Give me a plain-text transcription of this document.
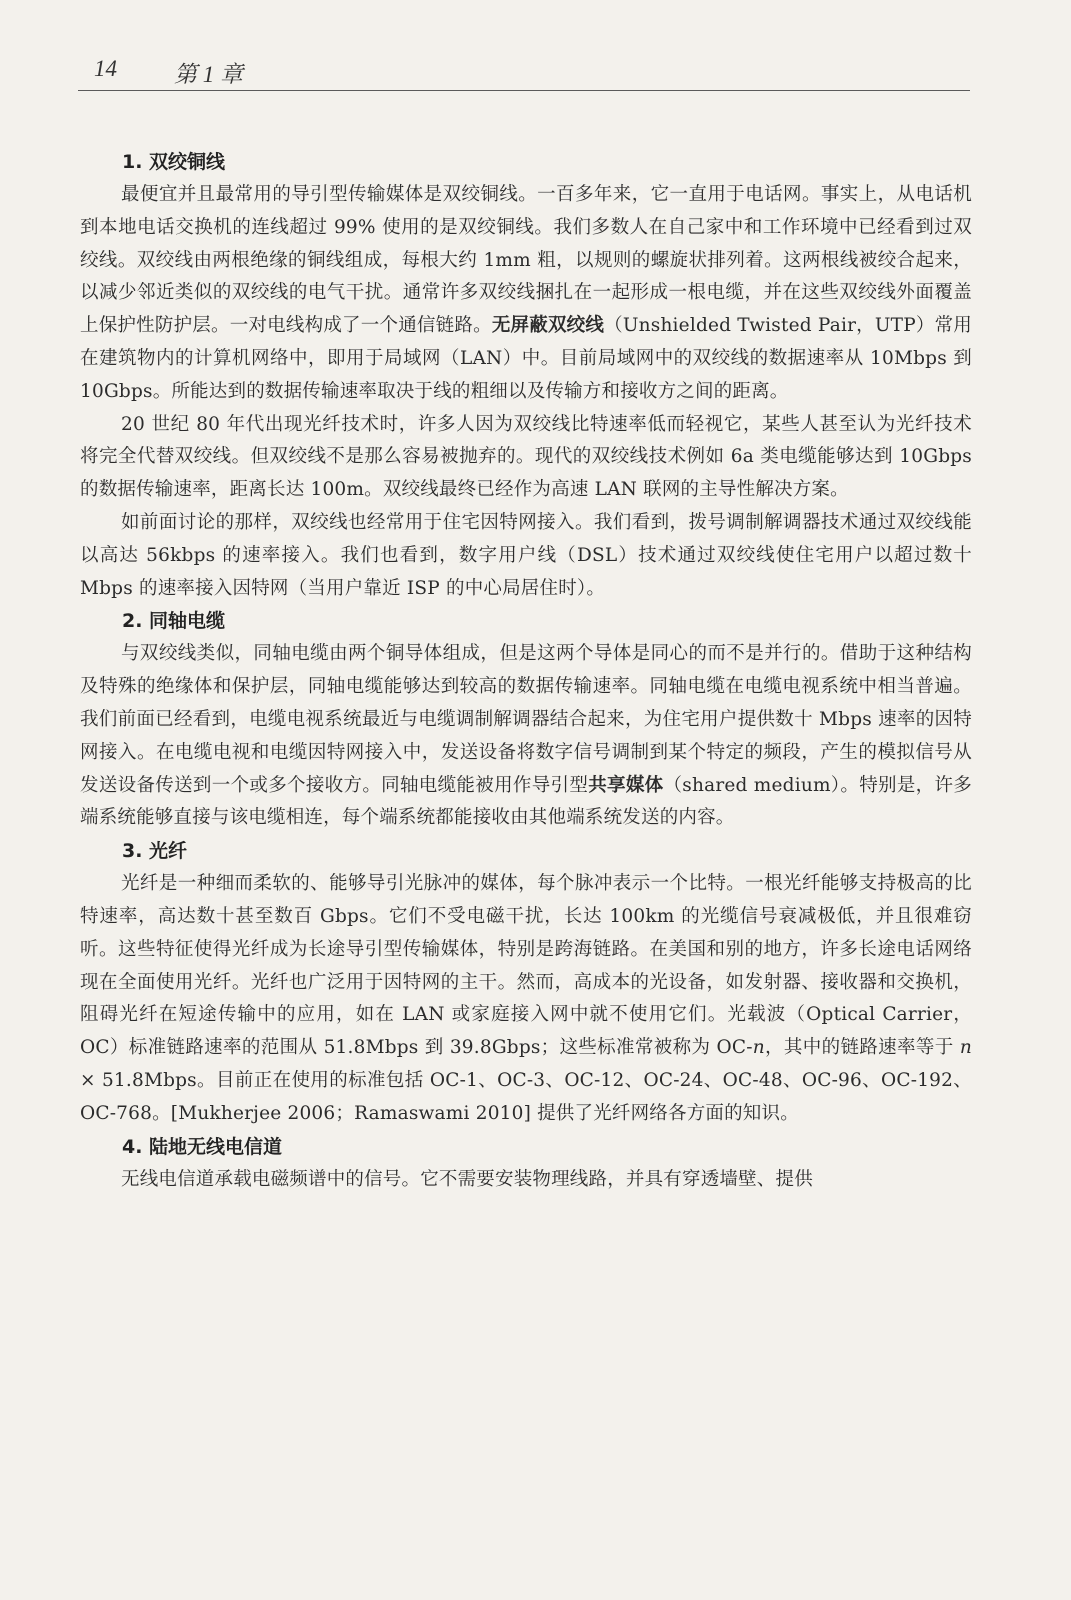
14 第 1 章
1. 双绞铜线

最便宜并且最常用的导引型传输媒体是双绞铜线。一百多年来，它一直用于电话网。事实上，从电话机到本地电话交换机的连线超过 99% 使用的是双绞铜线。我们多数人在自己家中和工作环境中已经看到过双绞线。双绞线由两根绝缘的铜线组成，每根大约 1mm 粗，以规则的螺旋状排列着。这两根线被绞合起来，以减少邻近类似的双绞线的电气干扰。通常许多双绞线捆扎在一起形成一根电缆，并在这些双绞线外面覆盖上保护性防护层。一对电线构成了一个通信链路。无屏蔽双绞线（Unshielded Twisted Pair，UTP）常用在建筑物内的计算机网络中，即用于局域网（LAN）中。目前局域网中的双绞线的数据速率从 10Mbps 到 10Gbps。所能达到的数据传输速率取决于线的粗细以及传输方和接收方之间的距离。

20 世纪 80 年代出现光纤技术时，许多人因为双绞线比特速率低而轻视它，某些人甚至认为光纤技术将完全代替双绞线。但双绞线不是那么容易被抛弃的。现代的双绞线技术例如 6a 类电缆能够达到 10Gbps 的数据传输速率，距离长达 100m。双绞线最终已经作为高速 LAN 联网的主导性解决方案。

如前面讨论的那样，双绞线也经常用于住宅因特网接入。我们看到，拨号调制解调器技术通过双绞线能以高达 56kbps 的速率接入。我们也看到，数字用户线（DSL）技术通过双绞线使住宅用户以超过数十 Mbps 的速率接入因特网（当用户靠近 ISP 的中心局居住时）。

2. 同轴电缆

与双绞线类似，同轴电缆由两个铜导体组成，但是这两个导体是同心的而不是并行的。借助于这种结构及特殊的绝缘体和保护层，同轴电缆能够达到较高的数据传输速率。同轴电缆在电缆电视系统中相当普遍。我们前面已经看到，电缆电视系统最近与电缆调制解调器结合起来，为住宅用户提供数十 Mbps 速率的因特网接入。在电缆电视和电缆因特网接入中，发送设备将数字信号调制到某个特定的频段，产生的模拟信号从发送设备传送到一个或多个接收方。同轴电缆能被用作导引型共享媒体（shared medium）。特别是，许多端系统能够直接与该电缆相连，每个端系统都能接收由其他端系统发送的内容。

3. 光纤

光纤是一种细而柔软的、能够导引光脉冲的媒体，每个脉冲表示一个比特。一根光纤能够支持极高的比特速率，高达数十甚至数百 Gbps。它们不受电磁干扰，长达 100km 的光缆信号衰减极低，并且很难窃听。这些特征使得光纤成为长途导引型传输媒体，特别是跨海链路。在美国和别的地方，许多长途电话网络现在全面使用光纤。光纤也广泛用于因特网的主干。然而，高成本的光设备，如发射器、接收器和交换机，阻碍光纤在短途传输中的应用，如在 LAN 或家庭接入网中就不使用它们。光载波（Optical Carrier，OC）标准链路速率的范围从 51.8Mbps 到 39.8Gbps；这些标准常被称为 OC-n，其中的链路速率等于 n × 51.8Mbps。目前正在使用的标准包括 OC-1、OC-3、OC-12、OC-24、OC-48、OC-96、OC-192、OC-768。[Mukherjee 2006；Ramaswami 2010] 提供了光纤网络各方面的知识。

4. 陆地无线电信道

无线电信道承载电磁频谱中的信号。它不需要安装物理线路，并具有穿透墙壁、提供
